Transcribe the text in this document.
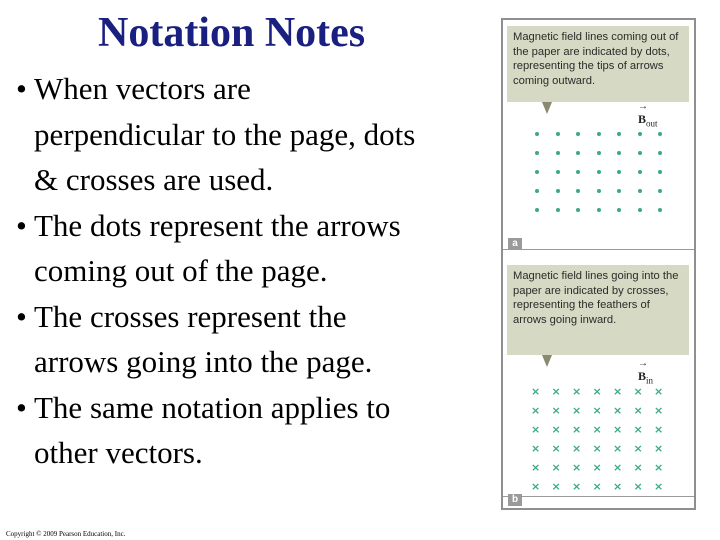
Notation Notes
• When vectors are
perpendicular to the page, dots
& crosses are used.
• The dots represent the arrows
coming out of the page.
• The crosses represent the
arrows going into the page.
• The same notation applies to
other vectors.
Copyright © 2009 Pearson Education, Inc.
Magnetic field lines coming out of the paper are indicated by dots, representing the tips of arrows coming outward.
→ $B_{out}$
a
Magnetic field lines going into the paper are indicated by crosses, representing the feathers of arrows going inward.
→ $B_{in}$
× × × × × × ×
× × × × × × ×
× × × × × × ×
× × × × × × ×
× × × × × × ×
× × × × × × ×
b
